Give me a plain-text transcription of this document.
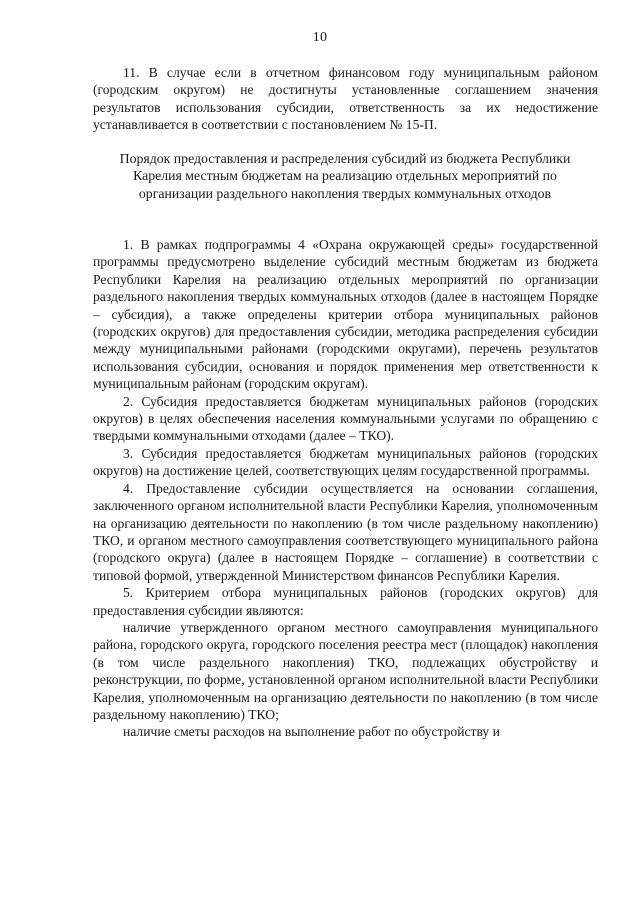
10

11. В случае если в отчетном финансовом году муниципальным районом (городским округом) не достигнуты установленные соглашением значения результатов использования субсидии, ответственность за их недостижение устанавливается в соответствии с постановлением № 15-П.

Порядок предоставления и распределения субсидий из бюджета Республики Карелия местным бюджетам на реализацию отдельных мероприятий по организации раздельного накопления твердых коммунальных отходов

1. В рамках подпрограммы 4 «Охрана окружающей среды» государственной программы предусмотрено выделение субсидий местным бюджетам из бюджета Республики Карелия на реализацию отдельных мероприятий по организации раздельного накопления твердых коммунальных отходов (далее в настоящем Порядке – субсидия), а также определены критерии отбора муниципальных районов (городских округов) для предоставления субсидии, методика распределения субсидии между муниципальными районами (городскими округами), перечень результатов использования субсидии, основания и порядок применения мер ответственности к муниципальным районам (городским округам).

2. Субсидия предоставляется бюджетам муниципальных районов (городских округов) в целях обеспечения населения коммунальными услугами по обращению с твердыми коммунальными отходами (далее – ТКО).

3. Субсидия предоставляется бюджетам муниципальных районов (городских округов) на достижение целей, соответствующих целям государственной программы.

4. Предоставление субсидии осуществляется на основании соглашения, заключенного органом исполнительной власти Республики Карелия, уполномоченным на организацию деятельности по накоплению (в том числе раздельному накоплению) ТКО, и органом местного самоуправления соответствующего муниципального района (городского округа) (далее в настоящем Порядке – соглашение) в соответствии с типовой формой, утвержденной Министерством финансов Республики Карелия.

5. Критерием отбора муниципальных районов (городских округов) для предоставления субсидии являются:

наличие утвержденного органом местного самоуправления муниципального района, городского округа, городского поселения реестра мест (площадок) накопления (в том числе раздельного накопления) ТКО, подлежащих обустройству и реконструкции, по форме, установленной органом исполнительной власти Республики Карелия, уполномоченным на организацию деятельности по накоплению (в том числе раздельному накоплению) ТКО;

наличие сметы расходов на выполнение работ по обустройству и
